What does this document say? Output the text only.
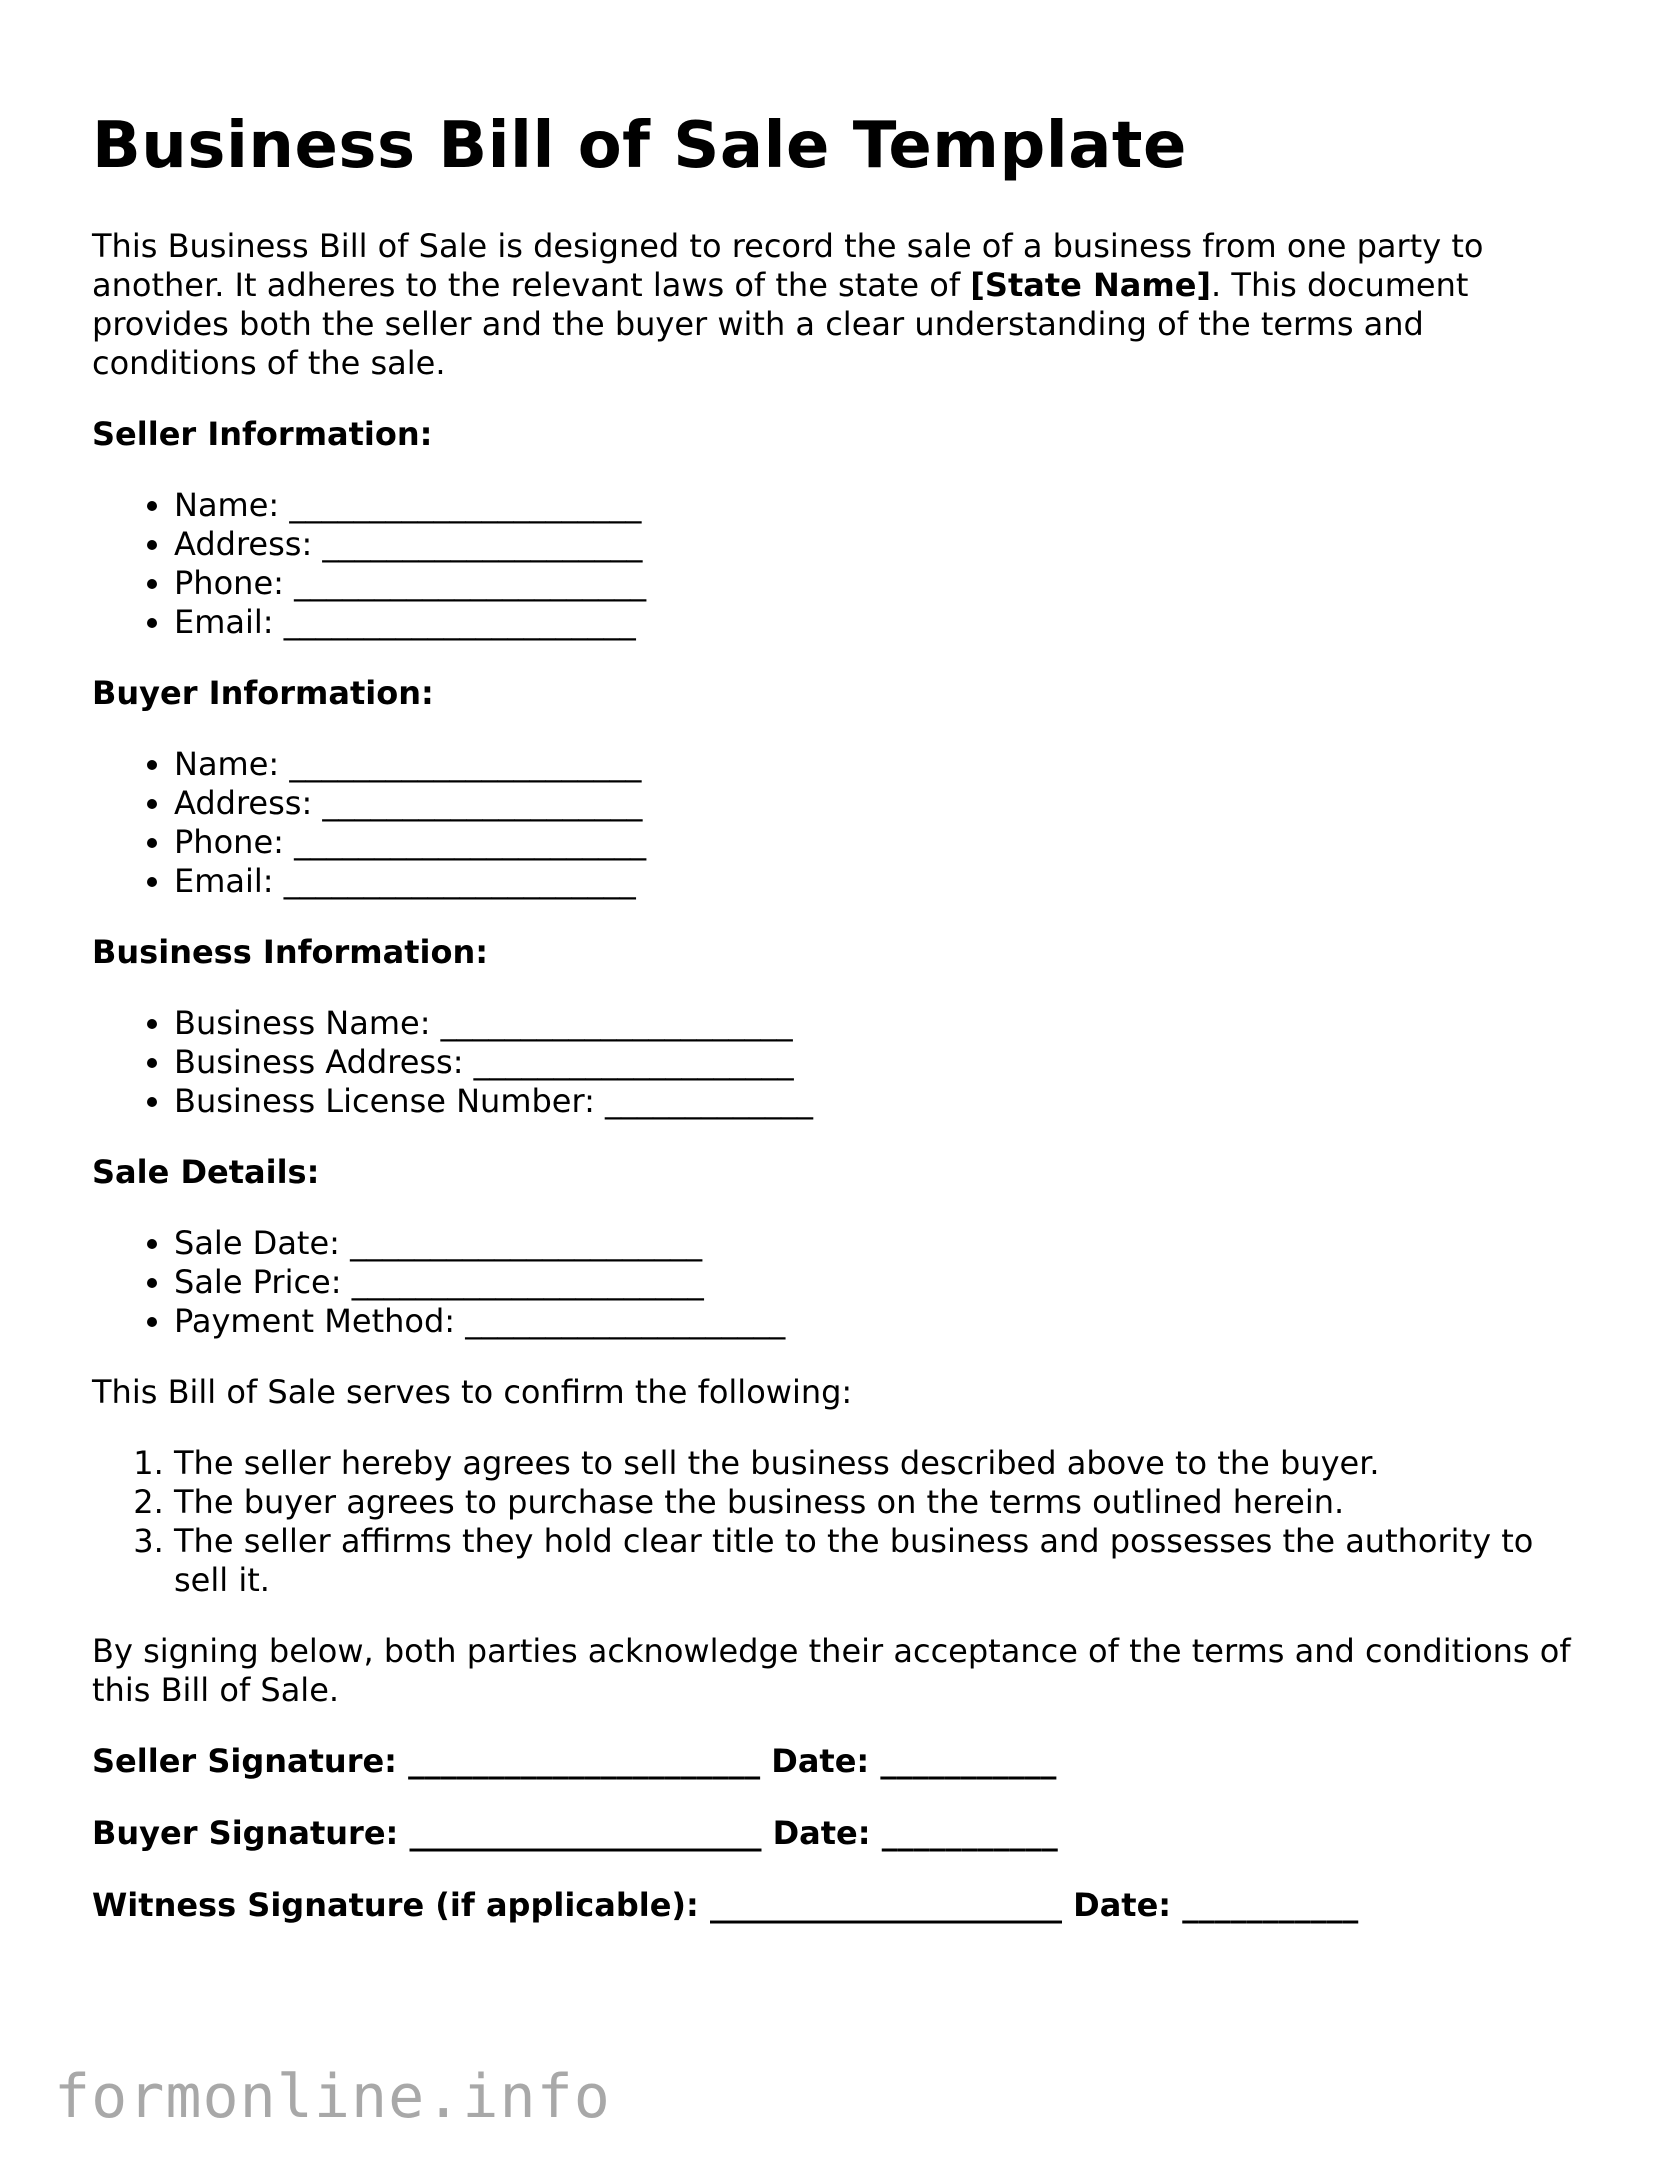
Business Bill of Sale Template

This Business Bill of Sale is designed to record the sale of a business from one party to another. It adheres to the relevant laws of the state of [State Name]. This document provides both the seller and the buyer with a clear understanding of the terms and conditions of the sale.

Seller Information:
• Name: ______________________
• Address: ____________________
• Phone: ______________________
• Email: ______________________
Buyer Information:
• Name: ______________________
• Address: ____________________
• Phone: ______________________
• Email: ______________________
Business Information:
• Business Name: ______________________
• Business Address: ____________________
• Business License Number: _____________
Sale Details:
• Sale Date: ______________________
• Sale Price: ______________________
• Payment Method: ____________________

This Bill of Sale serves to confirm the following:

1. The seller hereby agrees to sell the business described above to the buyer.
2. The buyer agrees to purchase the business on the terms outlined herein.
3. The seller affirms they hold clear title to the business and possesses the authority to sell it.

By signing below, both parties acknowledge their acceptance of the terms and conditions of this Bill of Sale.

Seller Signature: ______________________ Date: ___________
Buyer Signature: ______________________ Date: ___________
Witness Signature (if applicable): ______________________ Date: ___________
formonline.info
